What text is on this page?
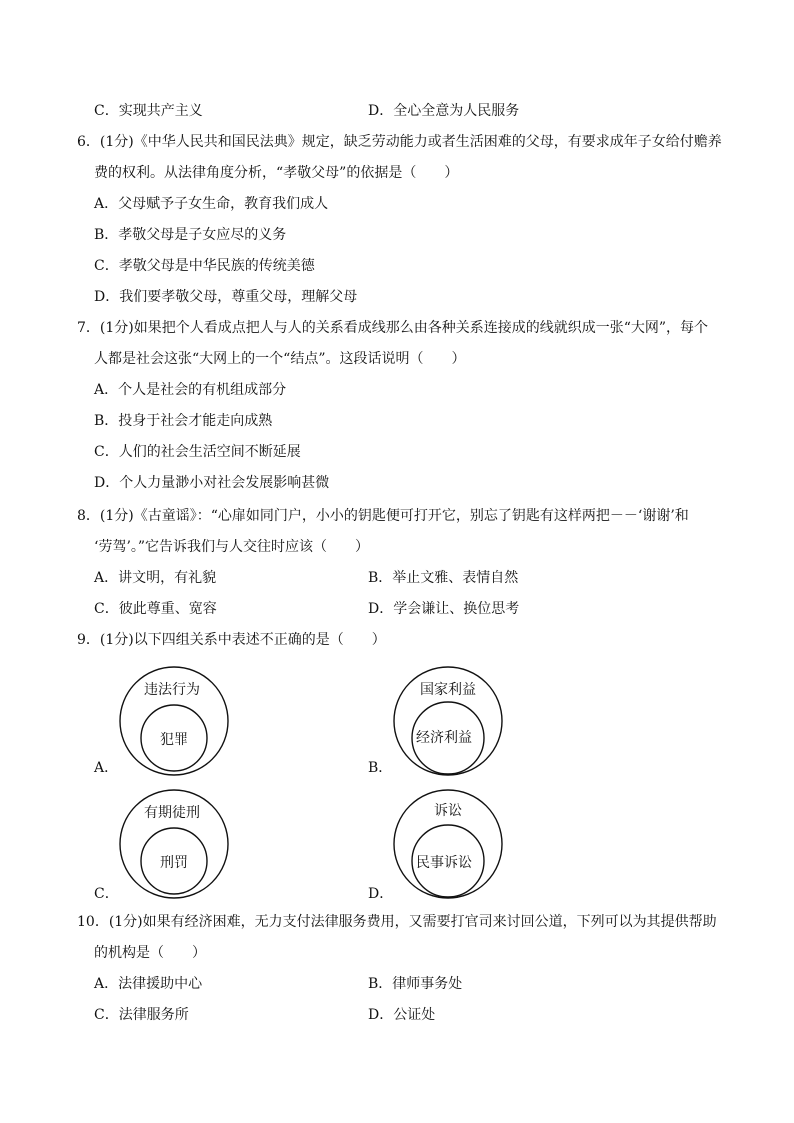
C．实现共产主义	D．全心全意为人民服务
6．(1分)《中华人民共和国民法典》规定，缺乏劳动能力或者生活困难的父母，有要求成年子女给付赡养
费的权利。从法律角度分析，“孝敬父母”的依据是（　　）
A．父母赋予子女生命，教育我们成人
B．孝敬父母是子女应尽的义务
C．孝敬父母是中华民族的传统美德
D．我们要孝敬父母，尊重父母，理解父母
7．(1分)如果把个人看成点把人与人的关系看成线那么由各种关系连接成的线就织成一张“大网”，每个
人都是社会这张“大网上的一个“结点”。这段话说明（　　）
A．个人是社会的有机组成部分
B．投身于社会才能走向成熟
C．人们的社会生活空间不断延展
D．个人力量渺小对社会发展影响甚微
8．(1分)《古童谣》：“心扉如同门户，小小的钥匙便可打开它，别忘了钥匙有这样两把－－‘谢谢’和
‘劳驾’。”它告诉我们与人交往时应该（　　）
A．讲文明，有礼貌	B．举止文雅、表情自然
C．彼此尊重、宽容	D．学会谦让、换位思考
9．(1分)以下四组关系中表述不正确的是（　　）
违法行为
犯罪
A．
国家利益
经济利益
B．
有期徒刑
刑罚
C．
诉讼
民事诉讼
D．
10．(1分)如果有经济困难，无力支付法律服务费用，又需要打官司来讨回公道，下列可以为其提供帮助
的机构是（　　）
A．法律援助中心	B．律师事务处
C．法律服务所	D．公证处
